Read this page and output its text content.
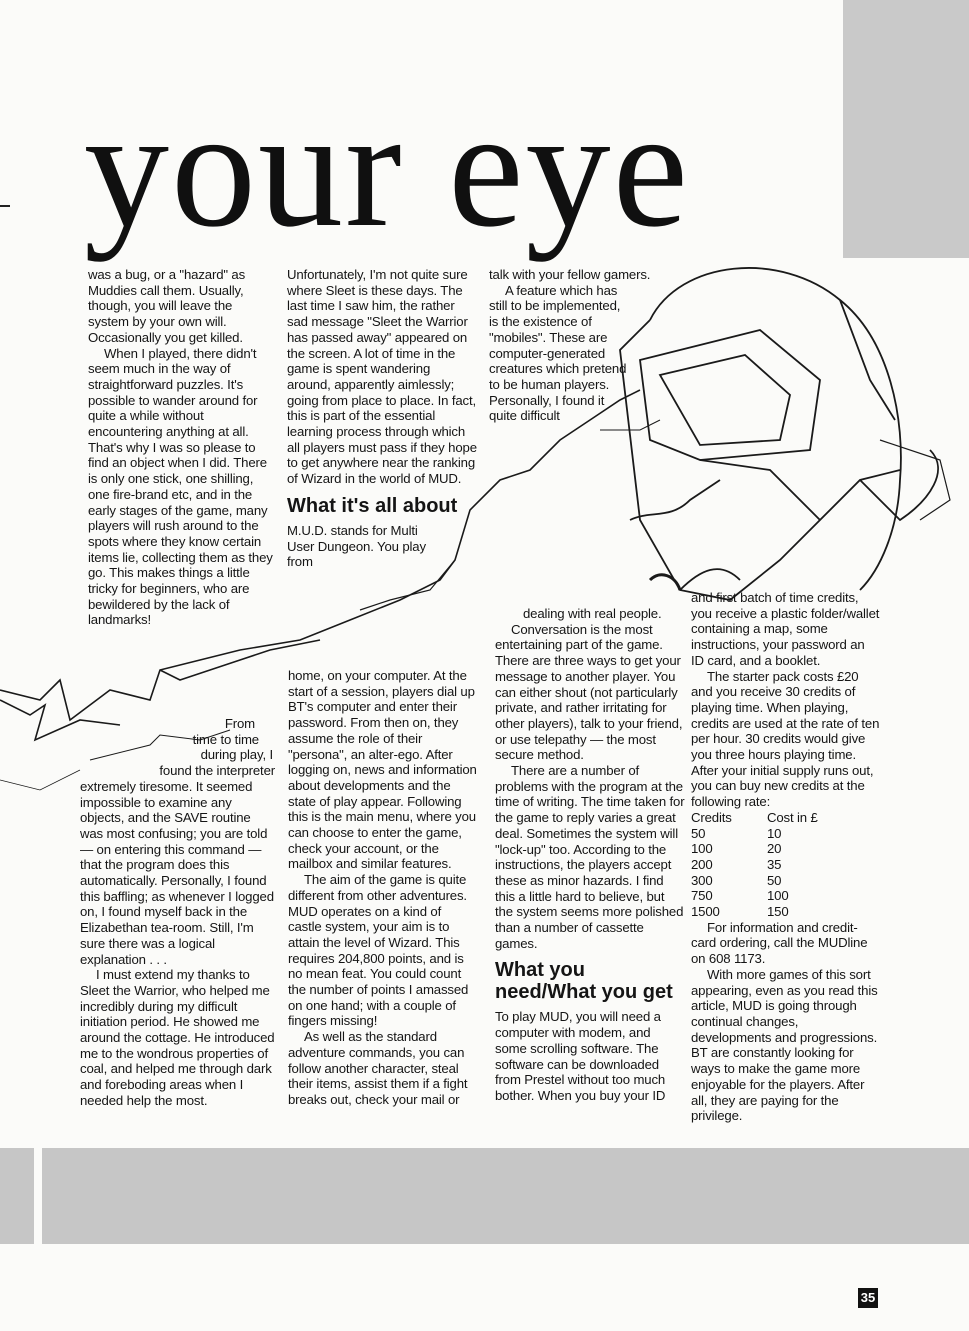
your eye

was a bug, or a "hazard" as Muddies call them. Usually, though, you will leave the system by your own will. Occasionally you get killed.

When I played, there didn't seem much in the way of straightforward puzzles. It's possible to wander around for quite a while without encountering anything at all. That's why I was so please to find an object when I did. There is only one stick, one shilling, one fire-brand etc, and in the early stages of the game, many players will rush around to the spots where they know certain items lie, collecting them as they go. This makes things a little tricky for beginners, who are bewildered by the lack of landmarks!

From

time to time

during play, I

found the interpreter

extremely tiresome. It seemed impossible to examine any objects, and the SAVE routine was most confusing; you are told — on entering this command — that the program does this automatically. Personally, I found this baffling; as whenever I logged on, I found myself back in the Elizabethan tea-room. Still, I'm sure there was a logical explanation . . .

I must extend my thanks to Sleet the Warrior, who helped me incredibly during my difficult initiation period. He showed me around the cottage. He introduced me to the wondrous properties of coal, and helped me through dark and foreboding areas when I needed help the most.

Unfortunately, I'm not quite sure where Sleet is these days. The last time I saw him, the rather sad message "Sleet the Warrior has passed away" appeared on the screen. A lot of time in the game is spent wandering around, apparently aimlessly; going from place to place. In fact, this is part of the essential learning process through which all players must pass if they hope to get anywhere near the ranking of Wizard in the world of MUD.

What it's all about

M.U.D. stands for Multi User Dungeon. You play from

home, on your computer. At the start of a session, players dial up BT's computer and enter their password. From then on, they assume the role of their "persona", an alter-ego. After logging on, news and information about developments and the state of play appear. Following this is the main menu, where you can choose to enter the game, check your account, or the mailbox and similar features.

The aim of the game is quite different from other adventures. MUD operates on a kind of castle system, your aim is to attain the level of Wizard. This requires 204,800 points, and is no mean feat. You could count the number of points I amassed on one hand; with a couple of fingers missing!

As well as the standard adventure commands, you can follow another character, steal their items, assist them if a fight breaks out, check your mail or

talk with your fellow gamers.

A feature which has still to be implemented, is the existence of "mobiles". These are computer-generated creatures which pretend to be human players. Personally, I found it quite difficult

dealing with real people.

Conversation is the most entertaining part of the game. There are three ways to get your message to another player. You can either shout (not particularly private, and rather irritating for other players), talk to your friend, or use telepathy — the most secure method.

There are a number of problems with the program at the time of writing. The time taken for the game to reply varies a great deal. Sometimes the system will "lock-up" too. According to the instructions, the players accept these as minor hazards. I find this a little hard to believe, but the system seems more polished than a number of cassette games.

What you need/What you get

To play MUD, you will need a computer with modem, and some scrolling software. The software can be downloaded from Prestel without too much bother. When you buy your ID

and first batch of time credits, you receive a plastic folder/wallet containing a map, some instructions, your password an ID card, and a booklet.

The starter pack costs £20 and you receive 30 credits of playing time. When playing, credits are used at the rate of ten per hour. 30 credits would give you three hours playing time. After your initial supply runs out, you can buy new credits at the following rate:

Credits	Cost in £
50	10
100	20
200	35
300	50
750	100
1500	150

For information and credit-card ordering, call the MUDline on 608 1173.

With more games of this sort appearing, even as you read this article, MUD is going through continual changes, developments and progressions. BT are constantly looking for ways to make the game more enjoyable for the players. After all, they are paying for the privilege.

35
